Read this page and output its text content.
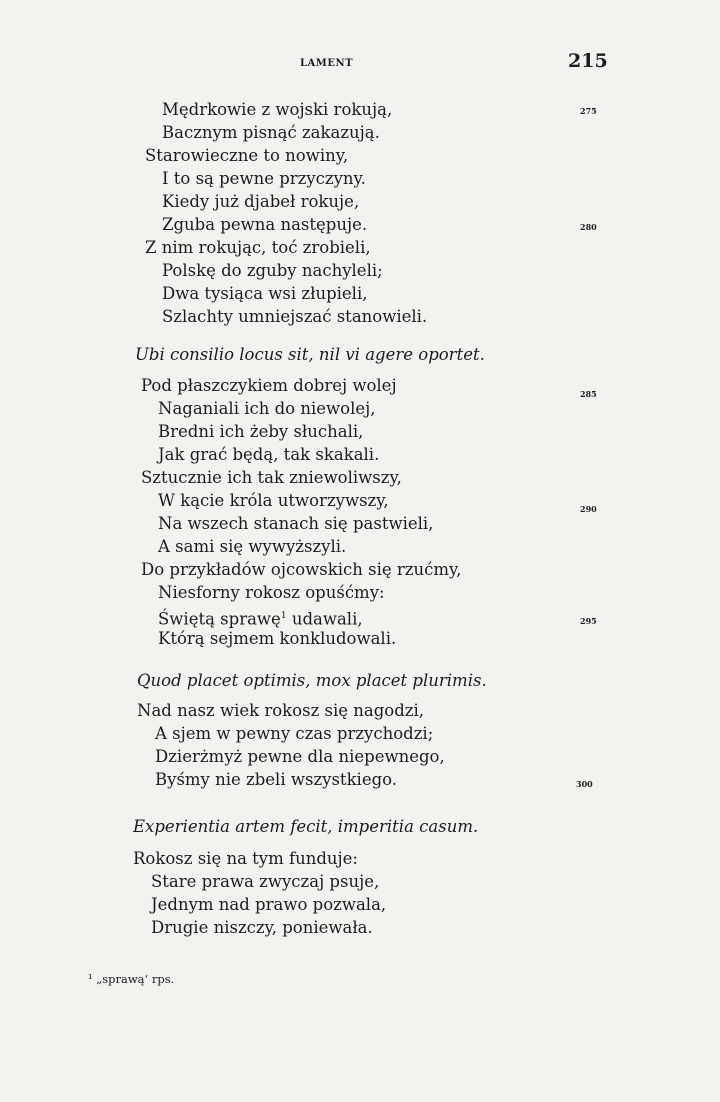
LAMENT	215
Mędrkowie z wojski rokują,
Bacznym pisnąć zakazują.
Starowieczne to nowiny,
I to są pewne przyczyny.
Kiedy już djabeł rokuje,
Zguba pewna następuje.
Z nim rokując, toć zrobieli,
Polskę do zguby nachyleli;
Dwa tysiąca wsi złupieli,
Szlachty umniejszać stanowieli.
275
280
Ubi consilio locus sit, nil vi agere oportet.
Pod płaszczykiem dobrej wolej
Naganiali ich do niewolej,
Bredni ich żeby słuchali,
Jak grać będą, tak skakali.
Sztucznie ich tak zniewoliwszy,
W kącie króla utworzywszy,
Na wszech stanach się pastwieli,
A sami się wywyższyli.
Do przykładów ojcowskich się rzućmy,
Niesforny rokosz opuśćmy:
Świętą sprawę$^1$ udawali,
Którą sejmem konkludowali.
285
290
295
Quod placet optimis, mox placet plurimis.
Nad nasz wiek rokosz się nagodzi,
A sjem w pewny czas przychodzi;
Dzierżmyż pewne dla niepewnego,
Byśmy nie zbeli wszystkiego.	300
Experientia artem fecit, imperitia casum.
Rokosz się na tym funduje:
Stare prawa zwyczaj psuje,
Jednym nad prawo pozwala,
Drugie niszczy, poniewała.
¹ „sprawą‘ rps.
